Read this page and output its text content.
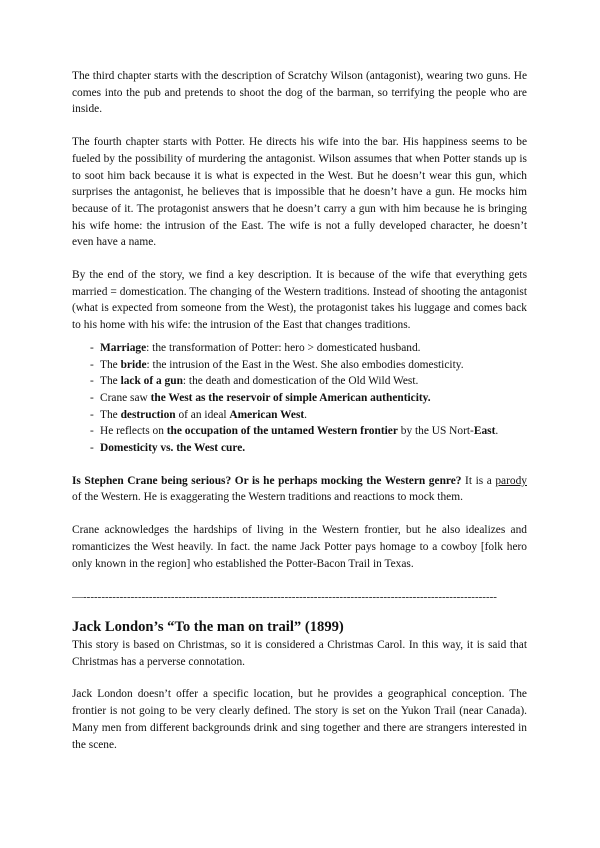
The third chapter starts with the description of Scratchy Wilson (antagonist), wearing two guns. He comes into the pub and pretends to shoot the dog of the barman, so terrifying the people who are inside.

The fourth chapter starts with Potter. He directs his wife into the bar. His happiness seems to be fueled by the possibility of murdering the antagonist. Wilson assumes that when Potter stands up is to soot him back because it is what is expected in the West. But he doesn’t wear this gun, which surprises the antagonist, he believes that is impossible that he doesn’t have a gun. He mocks him because of it. The protagonist answers that he doesn’t carry a gun with him because he is bringing his wife home: the intrusion of the East. The wife is not a fully developed character, he doesn’t even have a name.

By the end of the story, we find a key description. It is because of the wife that everything gets married = domestication. The changing of the Western traditions. Instead of shooting the antagonist (what is expected from someone from the West), the protagonist takes his luggage and comes back to his home with his wife: the intrusion of the East that changes traditions.

- Marriage: the transformation of Potter: hero > domesticated husband.
- The bride: the intrusion of the East in the West. She also embodies domesticity.
- The lack of a gun: the death and domestication of the Old Wild West.
- Crane saw the West as the reservoir of simple American authenticity.
- The destruction of an ideal American West.
- He reflects on the occupation of the untamed Western frontier by the US Nort-East.
- Domesticity vs. the West cure.

Is Stephen Crane being serious? Or is he perhaps mocking the Western genre? It is a parody of the Western. He is exaggerating the Western traditions and reactions to mock them.

Crane acknowledges the hardships of living in the Western frontier, but he also idealizes and romanticizes the West heavily. In fact. the name Jack Potter pays homage to a cowboy [folk hero only known in the region] who established the Potter-Bacon Trail in Texas.

—-----------------------------------------------------------------------------------------------------------------
Jack London’s “To the man on trail” (1899)

This story is based on Christmas, so it is considered a Christmas Carol. In this way, it is said that Christmas has a perverse connotation.

Jack London doesn’t offer a specific location, but he provides a geographical conception. The frontier is not going to be very clearly defined. The story is set on the Yukon Trail (near Canada). Many men from different backgrounds drink and sing together and there are strangers interested in the scene.
